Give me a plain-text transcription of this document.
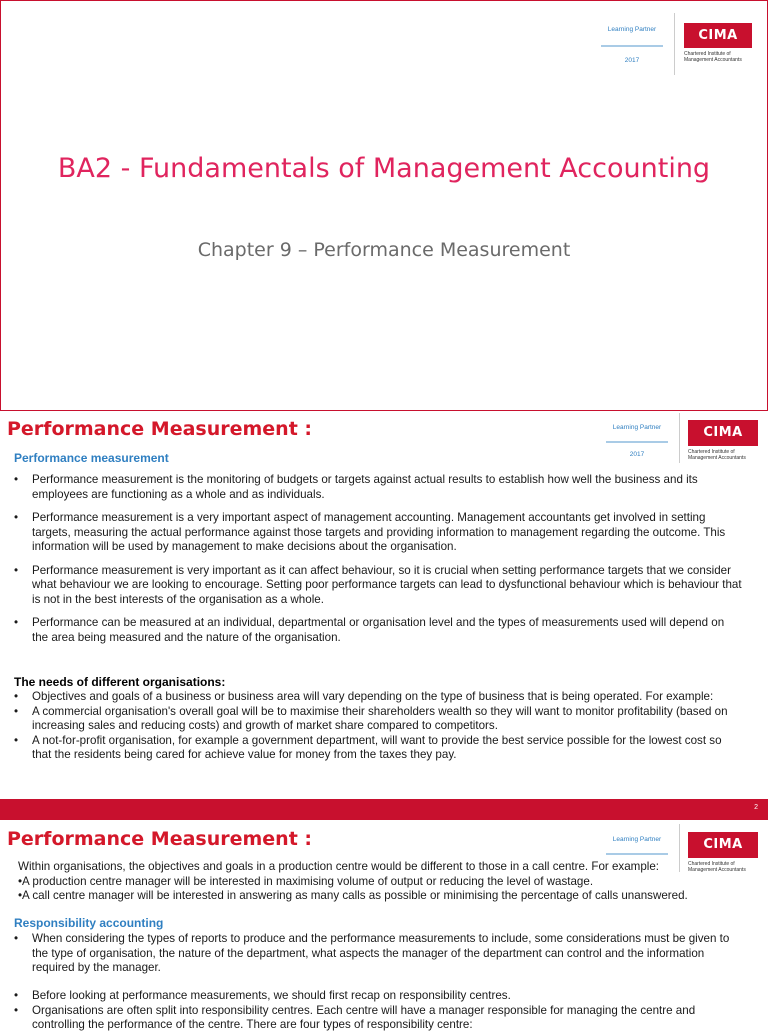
Learning Partner
2017
CIMA
Chartered Institute of Management Accountants
BA2 - Fundamentals of Management Accounting
Chapter 9 – Performance Measurement
Performance Measurement :	Learning Partner
2017
CIMA
Chartered Institute of Management Accountants
Performance measurement
• Performance measurement is the monitoring of budgets or targets against actual results to establish how well the business and its employees are functioning as a whole and as individuals.
• Performance measurement is a very important aspect of management accounting. Management accountants get involved in setting targets, measuring the actual performance against those targets and providing information to management regarding the outcome. This information will be used by management to make decisions about the organisation.
• Performance measurement is very important as it can affect behaviour, so it is crucial when setting performance targets that we consider what behaviour we are looking to encourage. Setting poor performance targets can lead to dysfunctional behaviour which is behaviour that is not in the best interests of the organisation as a whole.
• Performance can be measured at an individual, departmental or organisation level and the types of measurements used will depend on the area being measured and the nature of the organisation.
The needs of different organisations:
• Objectives and goals of a business or business area will vary depending on the type of business that is being operated. For example:
• A commercial organisation's overall goal will be to maximise their shareholders wealth so they will want to monitor profitability (based on increasing sales and reducing costs) and growth of market share compared to competitors.
• A not-for-profit organisation, for example a government department, will want to provide the best service possible for the lowest cost so that the residents being cared for achieve value for money from the taxes they pay.
2
Performance Measurement :	Learning Partner	CIMA
Chartered Institute of Management Accountants
Within organisations, the objectives and goals in a production centre would be different to those in a call centre. For example:
•A production centre manager will be interested in maximising volume of output or reducing the level of wastage.
•A call centre manager will be interested in answering as many calls as possible or minimising the percentage of calls unanswered.
Responsibility accounting
• When considering the types of reports to produce and the performance measurements to include, some considerations must be given to the type of organisation, the nature of the department, what aspects the manager of the department can control and the information required by the manager.
• Before looking at performance measurements, we should first recap on responsibility centres.
• Organisations are often split into responsibility centres. Each centre will have a manager responsible for managing the centre and controlling the performance of the centre. There are four types of responsibility centre:
